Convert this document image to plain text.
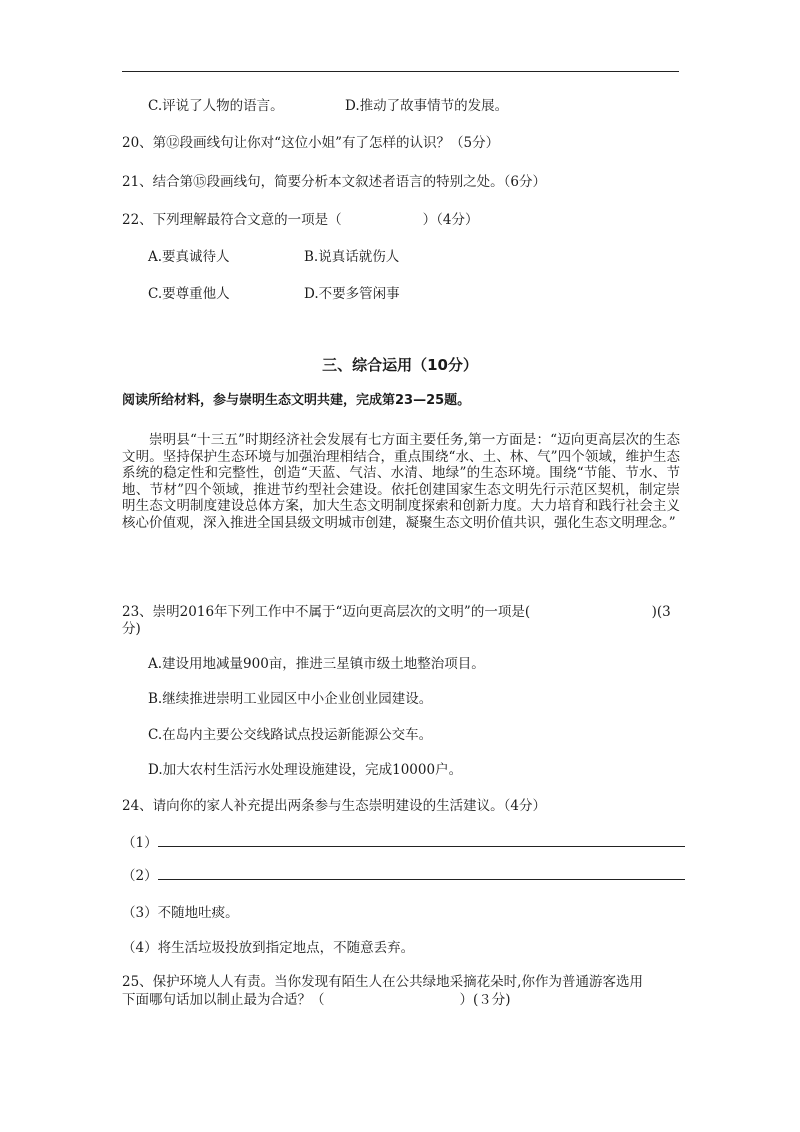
C.评说了人物的语言。	D.推动了故事情节的发展。
20、第⑫段画线句让你对“这位小姐”有了怎样的认识？（5分）
21、结合第⑮段画线句，简要分析本文叙述者语言的特别之处。（6分）
22、下列理解最符合文意的一项是（　　　　　　）（4分）
A.要真诚待人	B.说真话就伤人
C.要尊重他人	D.不要多管闲事
三、综合运用（10分）
阅读所给材料，参与崇明生态文明共建，完成第23—25题。
崇明县“十三五”时期经济社会发展有七方面主要任务,第一方面是：“迈向更高层次的生态文明。坚持保护生态环境与加强治理相结合，重点围绕“水、土、林、气”四个领域，维护生态系统的稳定性和完整性，创造“天蓝、气洁、水清、地绿”的生态环境。围绕“节能、节水、节地、节材”四个领域，推进节约型社会建设。依托创建国家生态文明先行示范区契机，制定崇明生态文明制度建设总体方案，加大生态文明制度探索和创新力度。大力培育和践行社会主义核心价值观，深入推进全国县级文明城市创建，凝聚生态文明价值共识，强化生态文明理念。”
23、崇明2016年下列工作中不属于“迈向更高层次的文明”的一项是(　　　　　　　　　)(3
分)
A.建设用地减量900亩，推进三星镇市级土地整治项目。
B.继续推进崇明工业园区中小企业创业园建设。
C.在岛内主要公交线路试点投运新能源公交车。
D.加大农村生活污水处理设施建设，完成10000户。
24、请向你的家人补充提出两条参与生态崇明建设的生活建议。（4分）
（1）
（2）
（3）不随地吐痰。
（4）将生活垃圾投放到指定地点，不随意丢弃。
25、保护环境人人有责。当你发现有陌生人在公共绿地采摘花朵时,你作为普通游客选用
下面哪句话加以制止最为合适？（　　　　　　　　　　）(３分)
